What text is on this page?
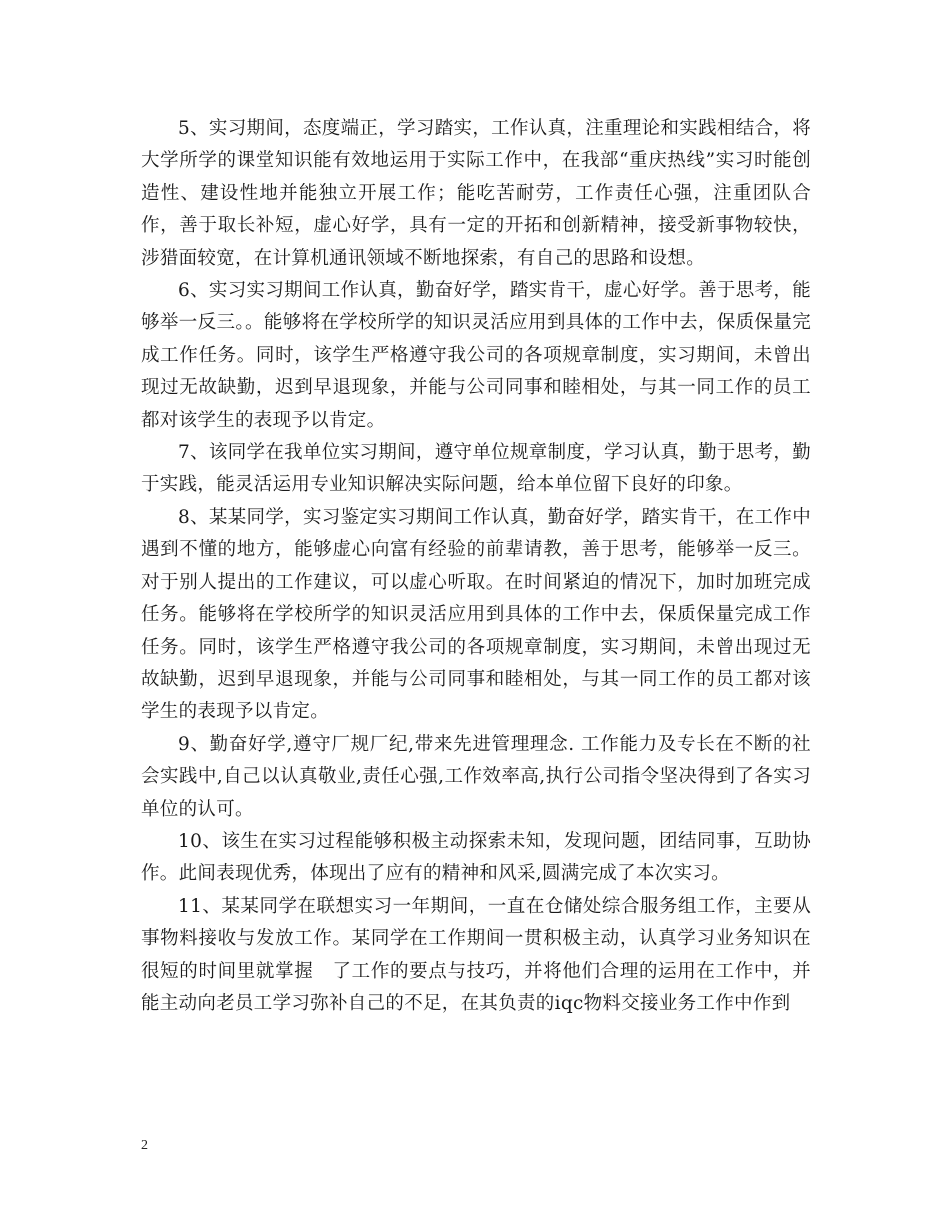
5、实习期间，态度端正，学习踏实，工作认真，注重理论和实践相结合，将大学所学的课堂知识能有效地运用于实际工作中，在我部“重庆热线”实习时能创造性、建设性地并能独立开展工作；能吃苦耐劳，工作责任心强，注重团队合作，善于取长补短，虚心好学，具有一定的开拓和创新精神，接受新事物较快，涉猎面较宽，在计算机通讯领域不断地探索，有自己的思路和设想。

6、实习实习期间工作认真，勤奋好学，踏实肯干，虚心好学。善于思考，能够举一反三。。能够将在学校所学的知识灵活应用到具体的工作中去，保质保量完成工作任务。同时，该学生严格遵守我公司的各项规章制度，实习期间，未曾出现过无故缺勤，迟到早退现象，并能与公司同事和睦相处，与其一同工作的员工都对该学生的表现予以肯定。

7、该同学在我单位实习期间，遵守单位规章制度，学习认真，勤于思考，勤于实践，能灵活运用专业知识解决实际问题，给本单位留下良好的印象。

8、某某同学，实习鉴定实习期间工作认真，勤奋好学，踏实肯干，在工作中遇到不懂的地方，能够虚心向富有经验的前辈请教，善于思考，能够举一反三。对于别人提出的工作建议，可以虚心听取。在时间紧迫的情况下，加时加班完成任务。能够将在学校所学的知识灵活应用到具体的工作中去，保质保量完成工作任务。同时，该学生严格遵守我公司的各项规章制度，实习期间，未曾出现过无故缺勤，迟到早退现象，并能与公司同事和睦相处，与其一同工作的员工都对该学生的表现予以肯定。

9、勤奋好学,遵守厂规厂纪,带来先进管理理念. 工作能力及专长在不断的社会实践中,自己以认真敬业,责任心强,工作效率高,执行公司指令坚决得到了各实习单位的认可。

10、该生在实习过程能够积极主动探索未知，发现问题，团结同事，互助协作。此间表现优秀，体现出了应有的精神和风采,圆满完成了本次实习。

11、某某同学在联想实习一年期间，一直在仓储处综合服务组工作，主要从事物料接收与发放工作。某同学在工作期间一贯积极主动，认真学习业务知识在很短的时间里就掌握　了工作的要点与技巧，并将他们合理的运用在工作中，并能主动向老员工学习弥补自己的不足，在其负责的iqc物料交接业务工作中作到

2
